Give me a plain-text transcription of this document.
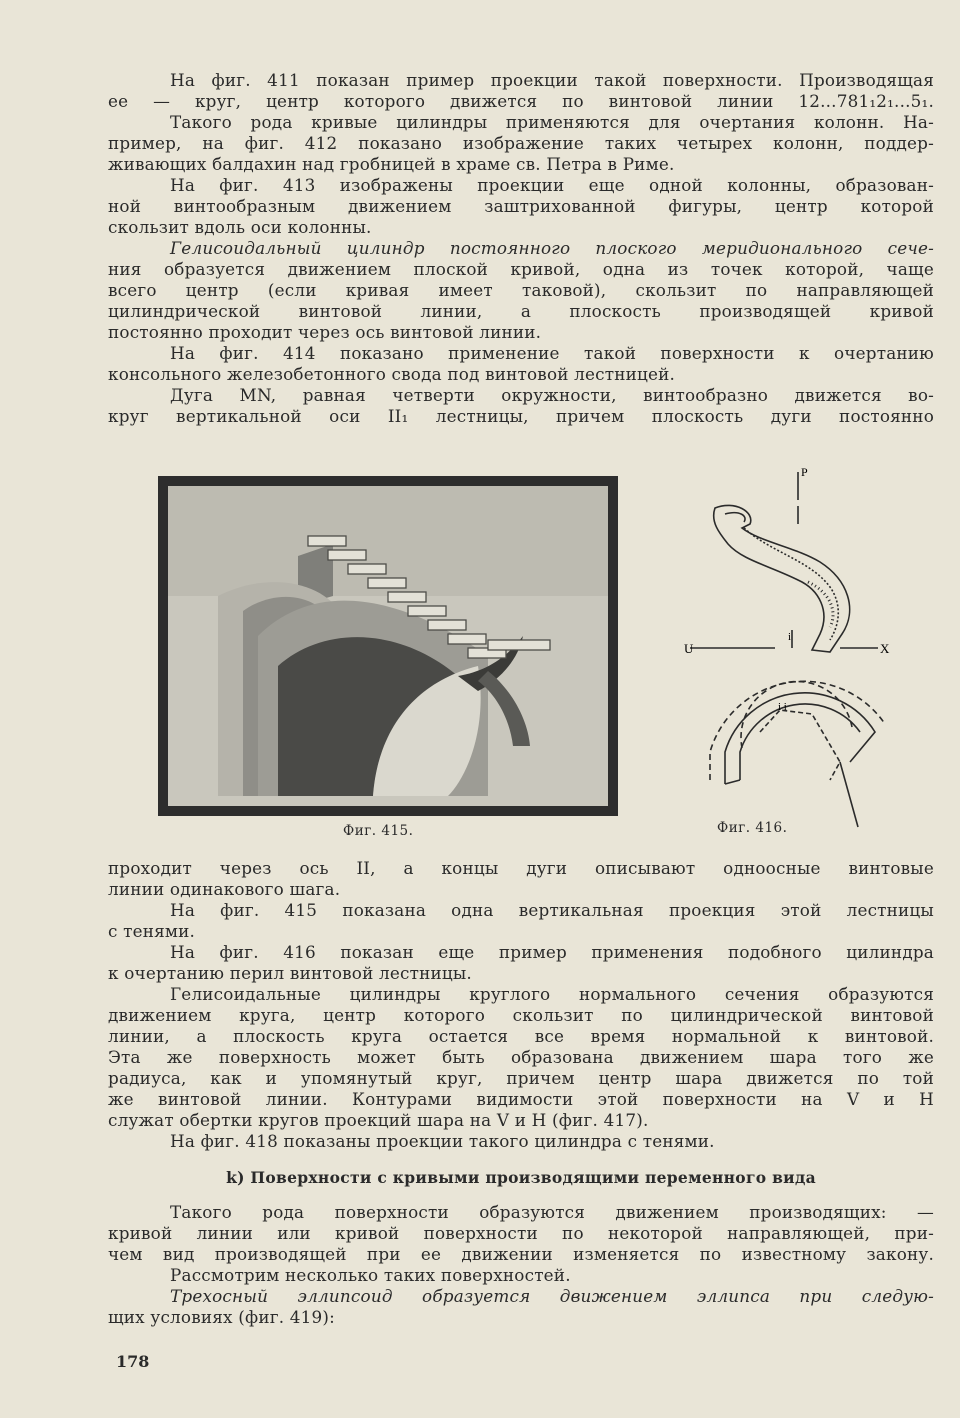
На фиг. 411 показан пример проекции такой поверхности. Производящая
ее — круг, центр которого движется по винтовой линии 12...781₁2₁...5₁.
Такого рода кривые цилиндры применяются для очертания колонн. На-
пример, на фиг. 412 показано изображение таких четырех колонн, поддер-
живающих балдахин над гробницей в храме св. Петра в Риме.
На фиг. 413 изображены проекции еще одной колонны, образован-
ной винтообразным движением заштрихованной фигуры, центр которой
скользит вдоль оси колонны.
Гелисоидальный цилиндр постоянного плоского меридионального сече-
ния образуется движением плоской кривой, одна из точек которой, чаще
всего центр (если кривая имеет таковой), скользит по направляющей
цилиндрической винтовой линии, а плоскость производящей кривой
постоянно проходит через ось винтовой линии.
На фиг. 414 показано применение такой поверхности к очертанию
консольного железобетонного свода под винтовой лестницей.
Дуга MN, равная четверти окружности, винтообразно движется во-
круг вертикальной оси II₁ лестницы, причем плоскость дуги постоянно
P
U	X
i
i i
Фиг. 415.	Фиг. 416.
проходит через ось II, а концы дуги описывают одноосные винтовые
линии одинакового шага.
На фиг. 415 показана одна вертикальная проекция этой лестницы
с тенями.
На фиг. 416 показан еще пример применения подобного цилиндра
к очертанию перил винтовой лестницы.
Гелисоидальные цилиндры круглого нормального сечения образуются
движением круга, центр которого скользит по цилиндрической винтовой
линии, а плоскость круга остается все время нормальной к винтовой.
Эта же поверхность может быть образована движением шара того же
радиуса, как и упомянутый круг, причем центр шара движется по той
же винтовой линии. Контурами видимости этой поверхности на V и H
служат обертки кругов проекций шара на V и H (фиг. 417).
На фиг. 418 показаны проекции такого цилиндра с тенями.
k) Поверхности с кривыми производящими переменного вида
Такого рода поверхности образуются движением производящих: —
кривой линии или кривой поверхности по некоторой направляющей, при-
чем вид производящей при ее движении изменяется по известному закону.
Рассмотрим несколько таких поверхностей.
Трехосный эллипсоид образуется движением эллипса при следую-
щих условиях (фиг. 419):
178
